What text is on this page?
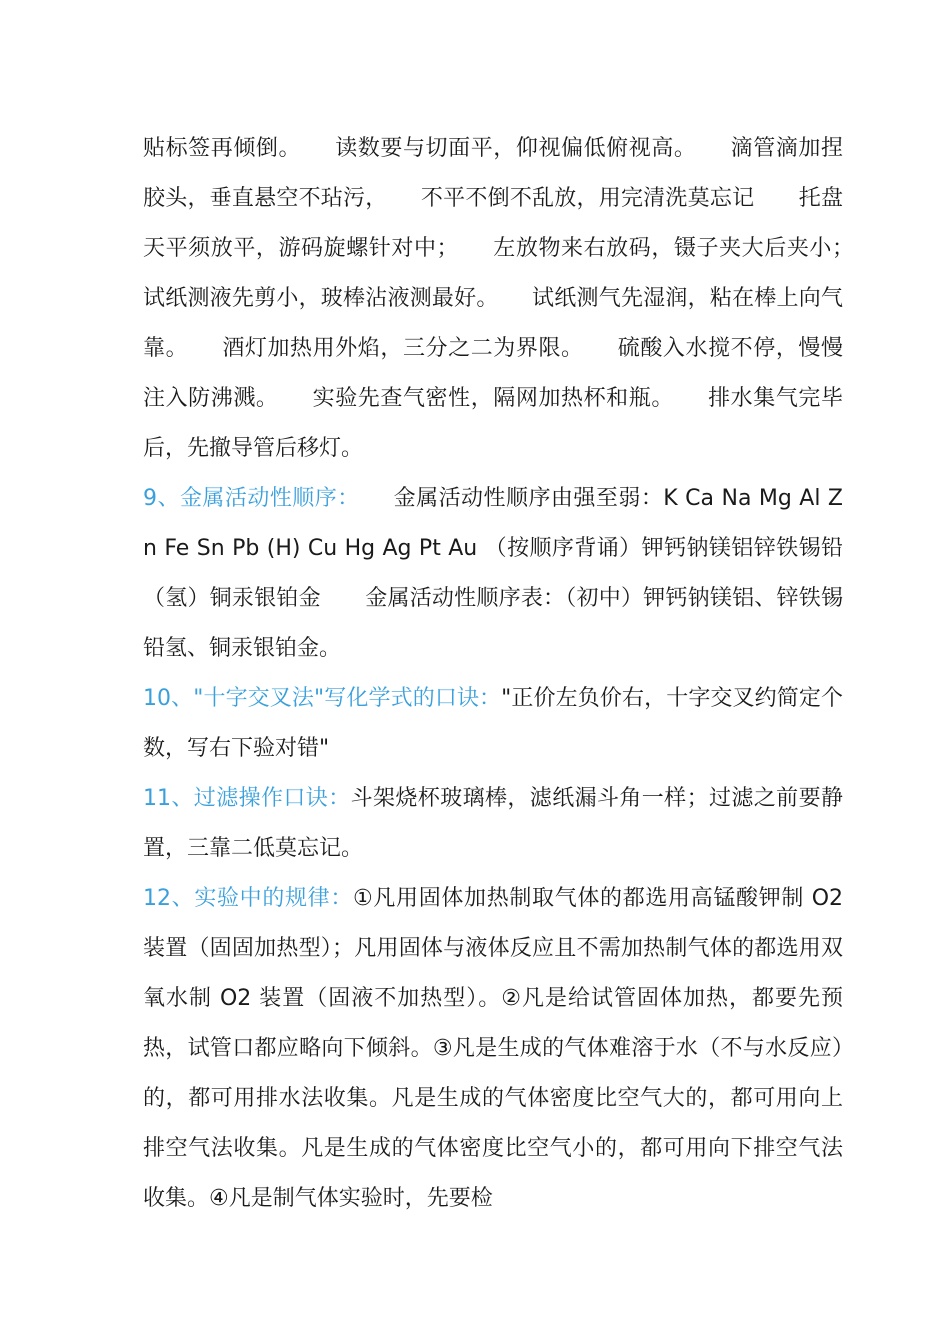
贴标签再倾倒。　　读数要与切面平，仰视偏低俯视高。　　滴管滴加捏胶头，垂直悬空不玷污，　　不平不倒不乱放，用完清洗莫忘记　　托盘天平须放平，游码旋螺针对中；　　左放物来右放码，镊子夹大后夹小；　　试纸测液先剪小，玻棒沾液测最好。　　试纸测气先湿润，粘在棒上向气靠。　　酒灯加热用外焰，三分之二为界限。　　硫酸入水搅不停，慢慢注入防沸溅。　　实验先查气密性，隔网加热杯和瓶。　　排水集气完毕后，先撤导管后移灯。

9、金属活动性顺序：　　金属活动性顺序由强至弱：K Ca Na Mg Al Zn Fe Sn Pb (H) Cu Hg Ag Pt Au （按顺序背诵）钾钙钠镁铝锌铁锡铅（氢）铜汞银铂金　　金属活动性顺序表：（初中）钾钙钠镁铝、锌铁锡铅氢、铜汞银铂金。

10、"十字交叉法"写化学式的口诀："正价左负价右，十字交叉约简定个数，写右下验对错"

11、过滤操作口诀：斗架烧杯玻璃棒，滤纸漏斗角一样；过滤之前要静置，三靠二低莫忘记。

12、实验中的规律：①凡用固体加热制取气体的都选用高锰酸钾制 O2 装置（固固加热型）；凡用固体与液体反应且不需加热制气体的都选用双氧水制 O2 装置（固液不加热型）。②凡是给试管固体加热，都要先预热，试管口都应略向下倾斜。③凡是生成的气体难溶于水（不与水反应）的，都可用排水法收集。凡是生成的气体密度比空气大的，都可用向上排空气法收集。凡是生成的气体密度比空气小的，都可用向下排空气法收集。④凡是制气体实验时，先要检
